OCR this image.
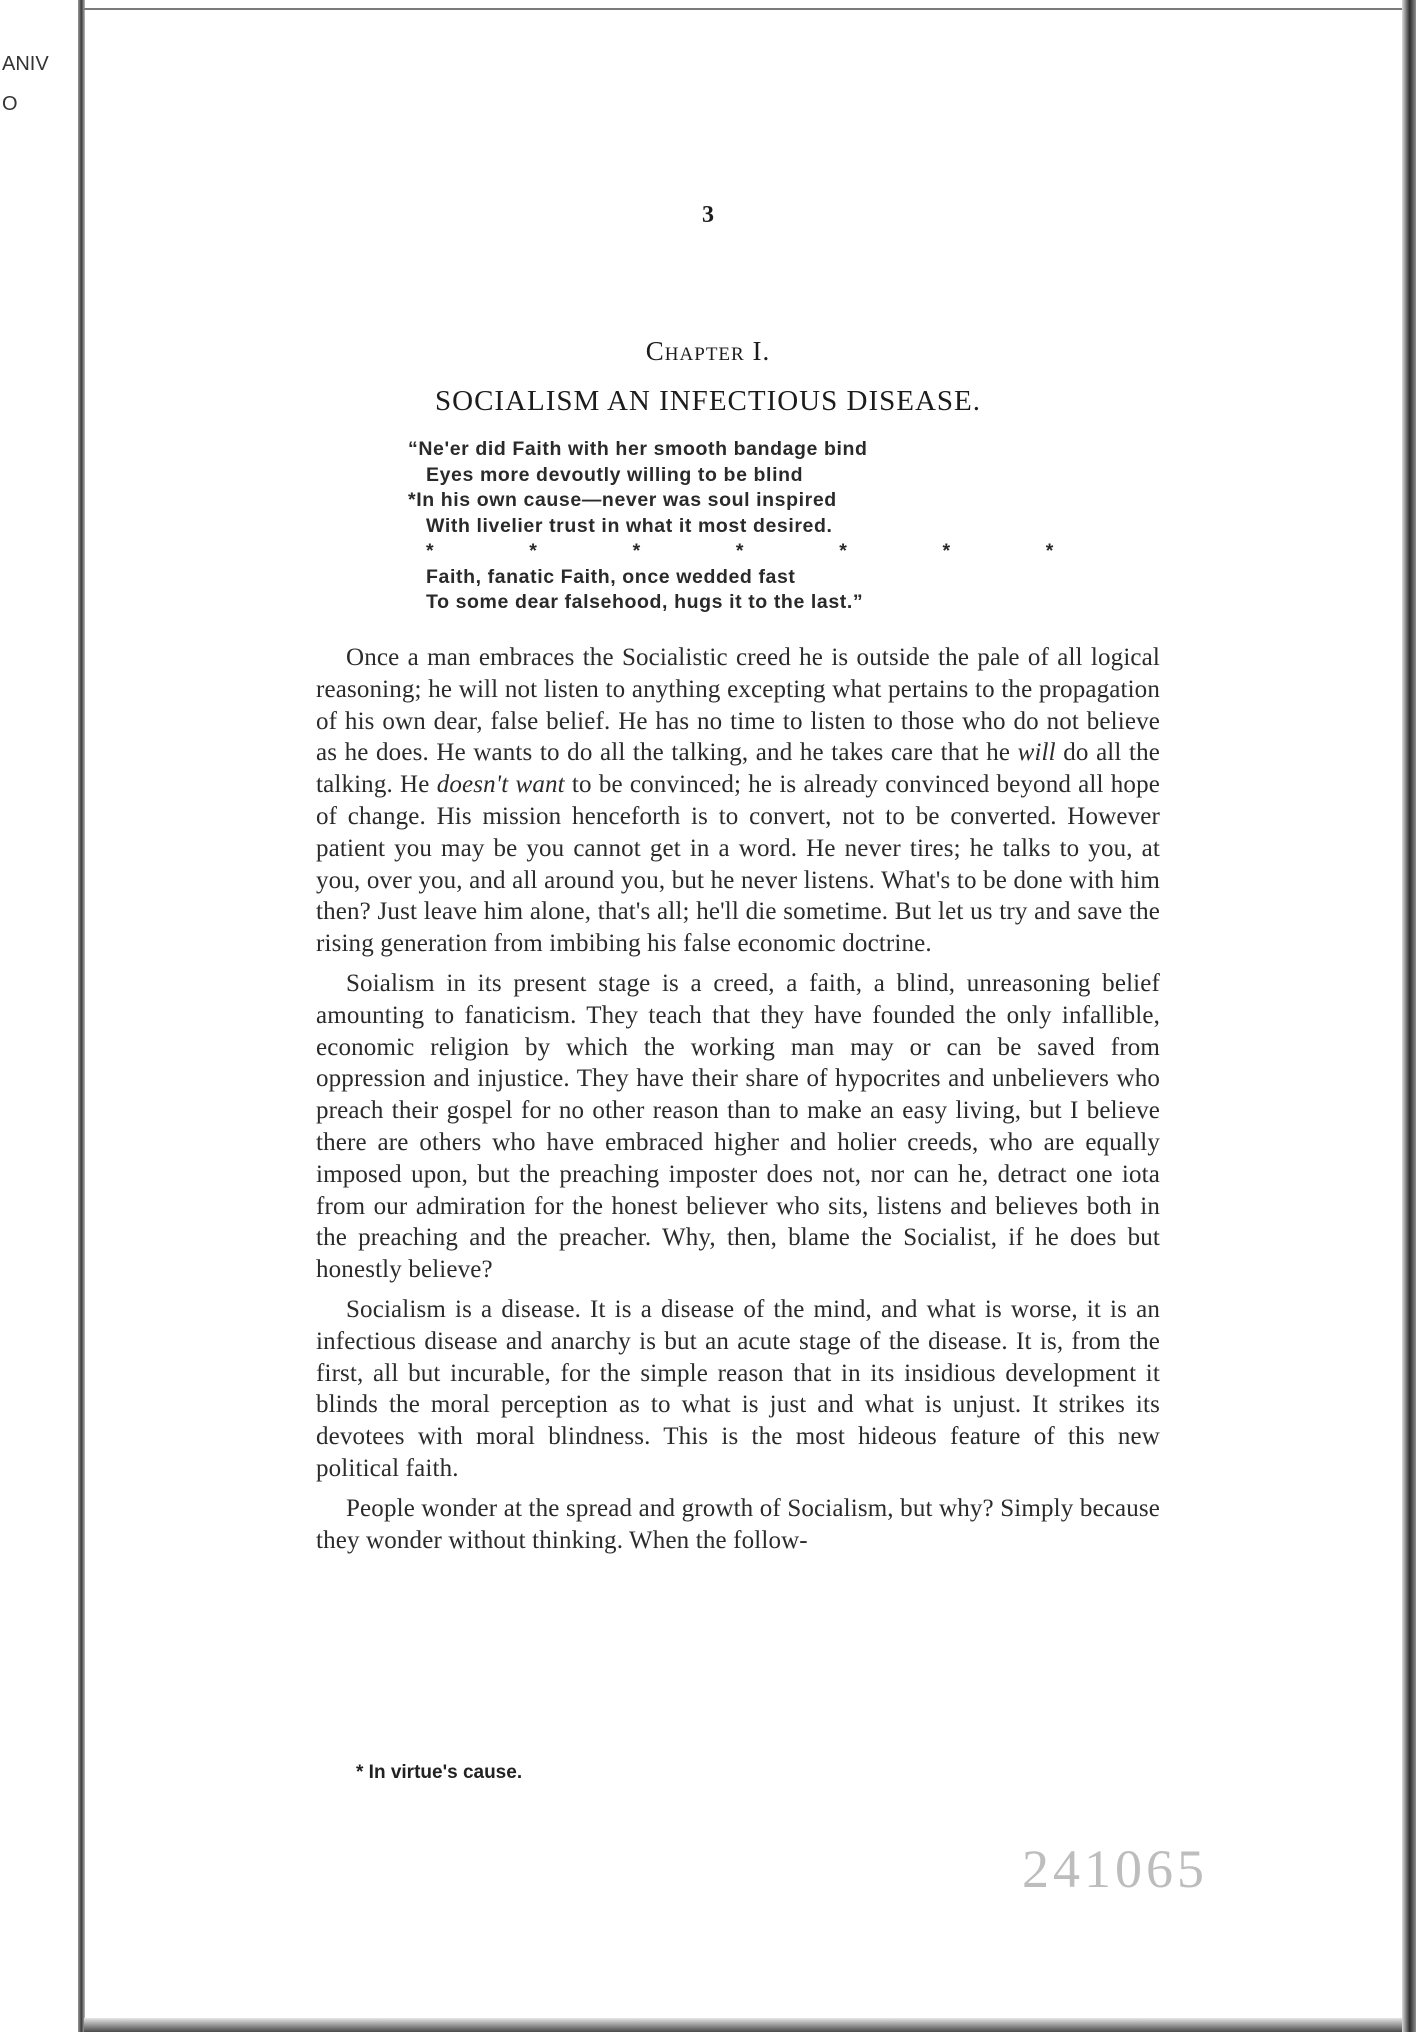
ANIV
O
3
Chapter I.
SOCIALISM AN INFECTIOUS DISEASE.
“Ne'er did Faith with her smooth bandage bind
Eyes more devoutly willing to be blind
*In his own cause—never was soul inspired
With livelier trust in what it most desired.
*	*	*	*	*	*	*
Faith, fanatic Faith, once wedded fast
To some dear falsehood, hugs it to the last.”

Once a man embraces the Socialistic creed he is outside the pale of all logical reasoning; he will not listen to anything excepting what pertains to the propagation of his own dear, false belief. He has no time to listen to those who do not believe as he does. He wants to do all the talking, and he takes care that he will do all the talking. He doesn't want to be convinced; he is already convinced beyond all hope of change. His mission henceforth is to convert, not to be converted. However patient you may be you cannot get in a word. He never tires; he talks to you, at you, over you, and all around you, but he never listens. What's to be done with him then? Just leave him alone, that's all; he'll die sometime. But let us try and save the rising generation from imbibing his false economic doctrine.

Soialism in its present stage is a creed, a faith, a blind, unreasoning belief amounting to fanaticism. They teach that they have founded the only infallible, economic religion by which the working man may or can be saved from oppression and injustice. They have their share of hypocrites and unbelievers who preach their gospel for no other reason than to make an easy living, but I believe there are others who have embraced higher and holier creeds, who are equally imposed upon, but the preaching imposter does not, nor can he, detract one iota from our admiration for the honest believer who sits, listens and believes both in the preaching and the preacher. Why, then, blame the Socialist, if he does but honestly believe?

Socialism is a disease. It is a disease of the mind, and what is worse, it is an infectious disease and anarchy is but an acute stage of the disease. It is, from the first, all but incurable, for the simple reason that in its insidious development it blinds the moral perception as to what is just and what is unjust. It strikes its devotees with moral blindness. This is the most hideous feature of this new political faith.

People wonder at the spread and growth of Socialism, but why? Simply because they wonder without thinking. When the follow-

* In virtue's cause.
241065
